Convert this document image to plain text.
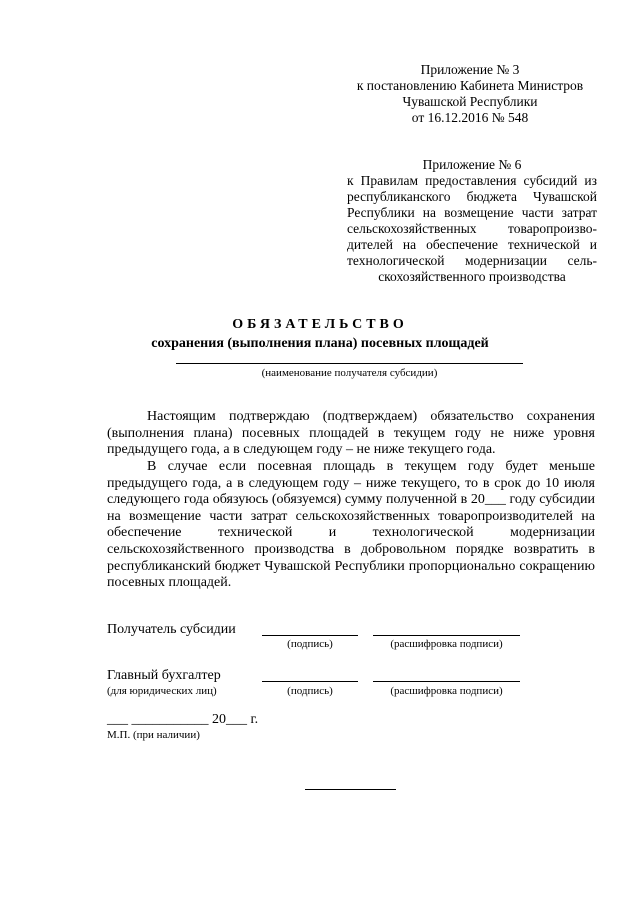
Приложение № 3
к постановлению Кабинета Министров
Чувашской Республики
от 16.12.2016 № 548
Приложение № 6
к Правилам предоставления субсидий из
республиканского бюджета Чувашской
Республики на возмещение части затрат
сельскохозяйственных товаропроизво-
дителей на обеспечение технической и
технологической модернизации сель-
скохозяйственного производства
ОБЯЗАТЕЛЬСТВО
сохранения (выполнения плана) посевных площадей
(наименование получателя субсидии)
Настоящим подтверждаю (подтверждаем) обязательство сохранения (выполнения плана) посевных площадей в текущем году не ниже уровня предыдущего года, а в следующем году – не ниже текущего года.
В случае если посевная площадь в текущем году будет меньше предыдущего года, а в следующем году – ниже текущего, то в срок до 10 июля следующего года обязуюсь (обязуемся) сумму полученной в 20___ году субсидии на возмещение части затрат сельскохозяйственных товаропроизводителей на обеспечение технической и технологической модернизации сельскохозяйственного производства в добровольном порядке возвратить в республиканский бюджет Чувашской Республики пропорционально сокращению посевных площадей.
Получатель субсидии
(подпись)	(расшифровка подписи)
Главный бухгалтер
(для юридических лиц)	(подпись)	(расшифровка подписи)
___ ___________ 20___ г.
М.П. (при наличии)
